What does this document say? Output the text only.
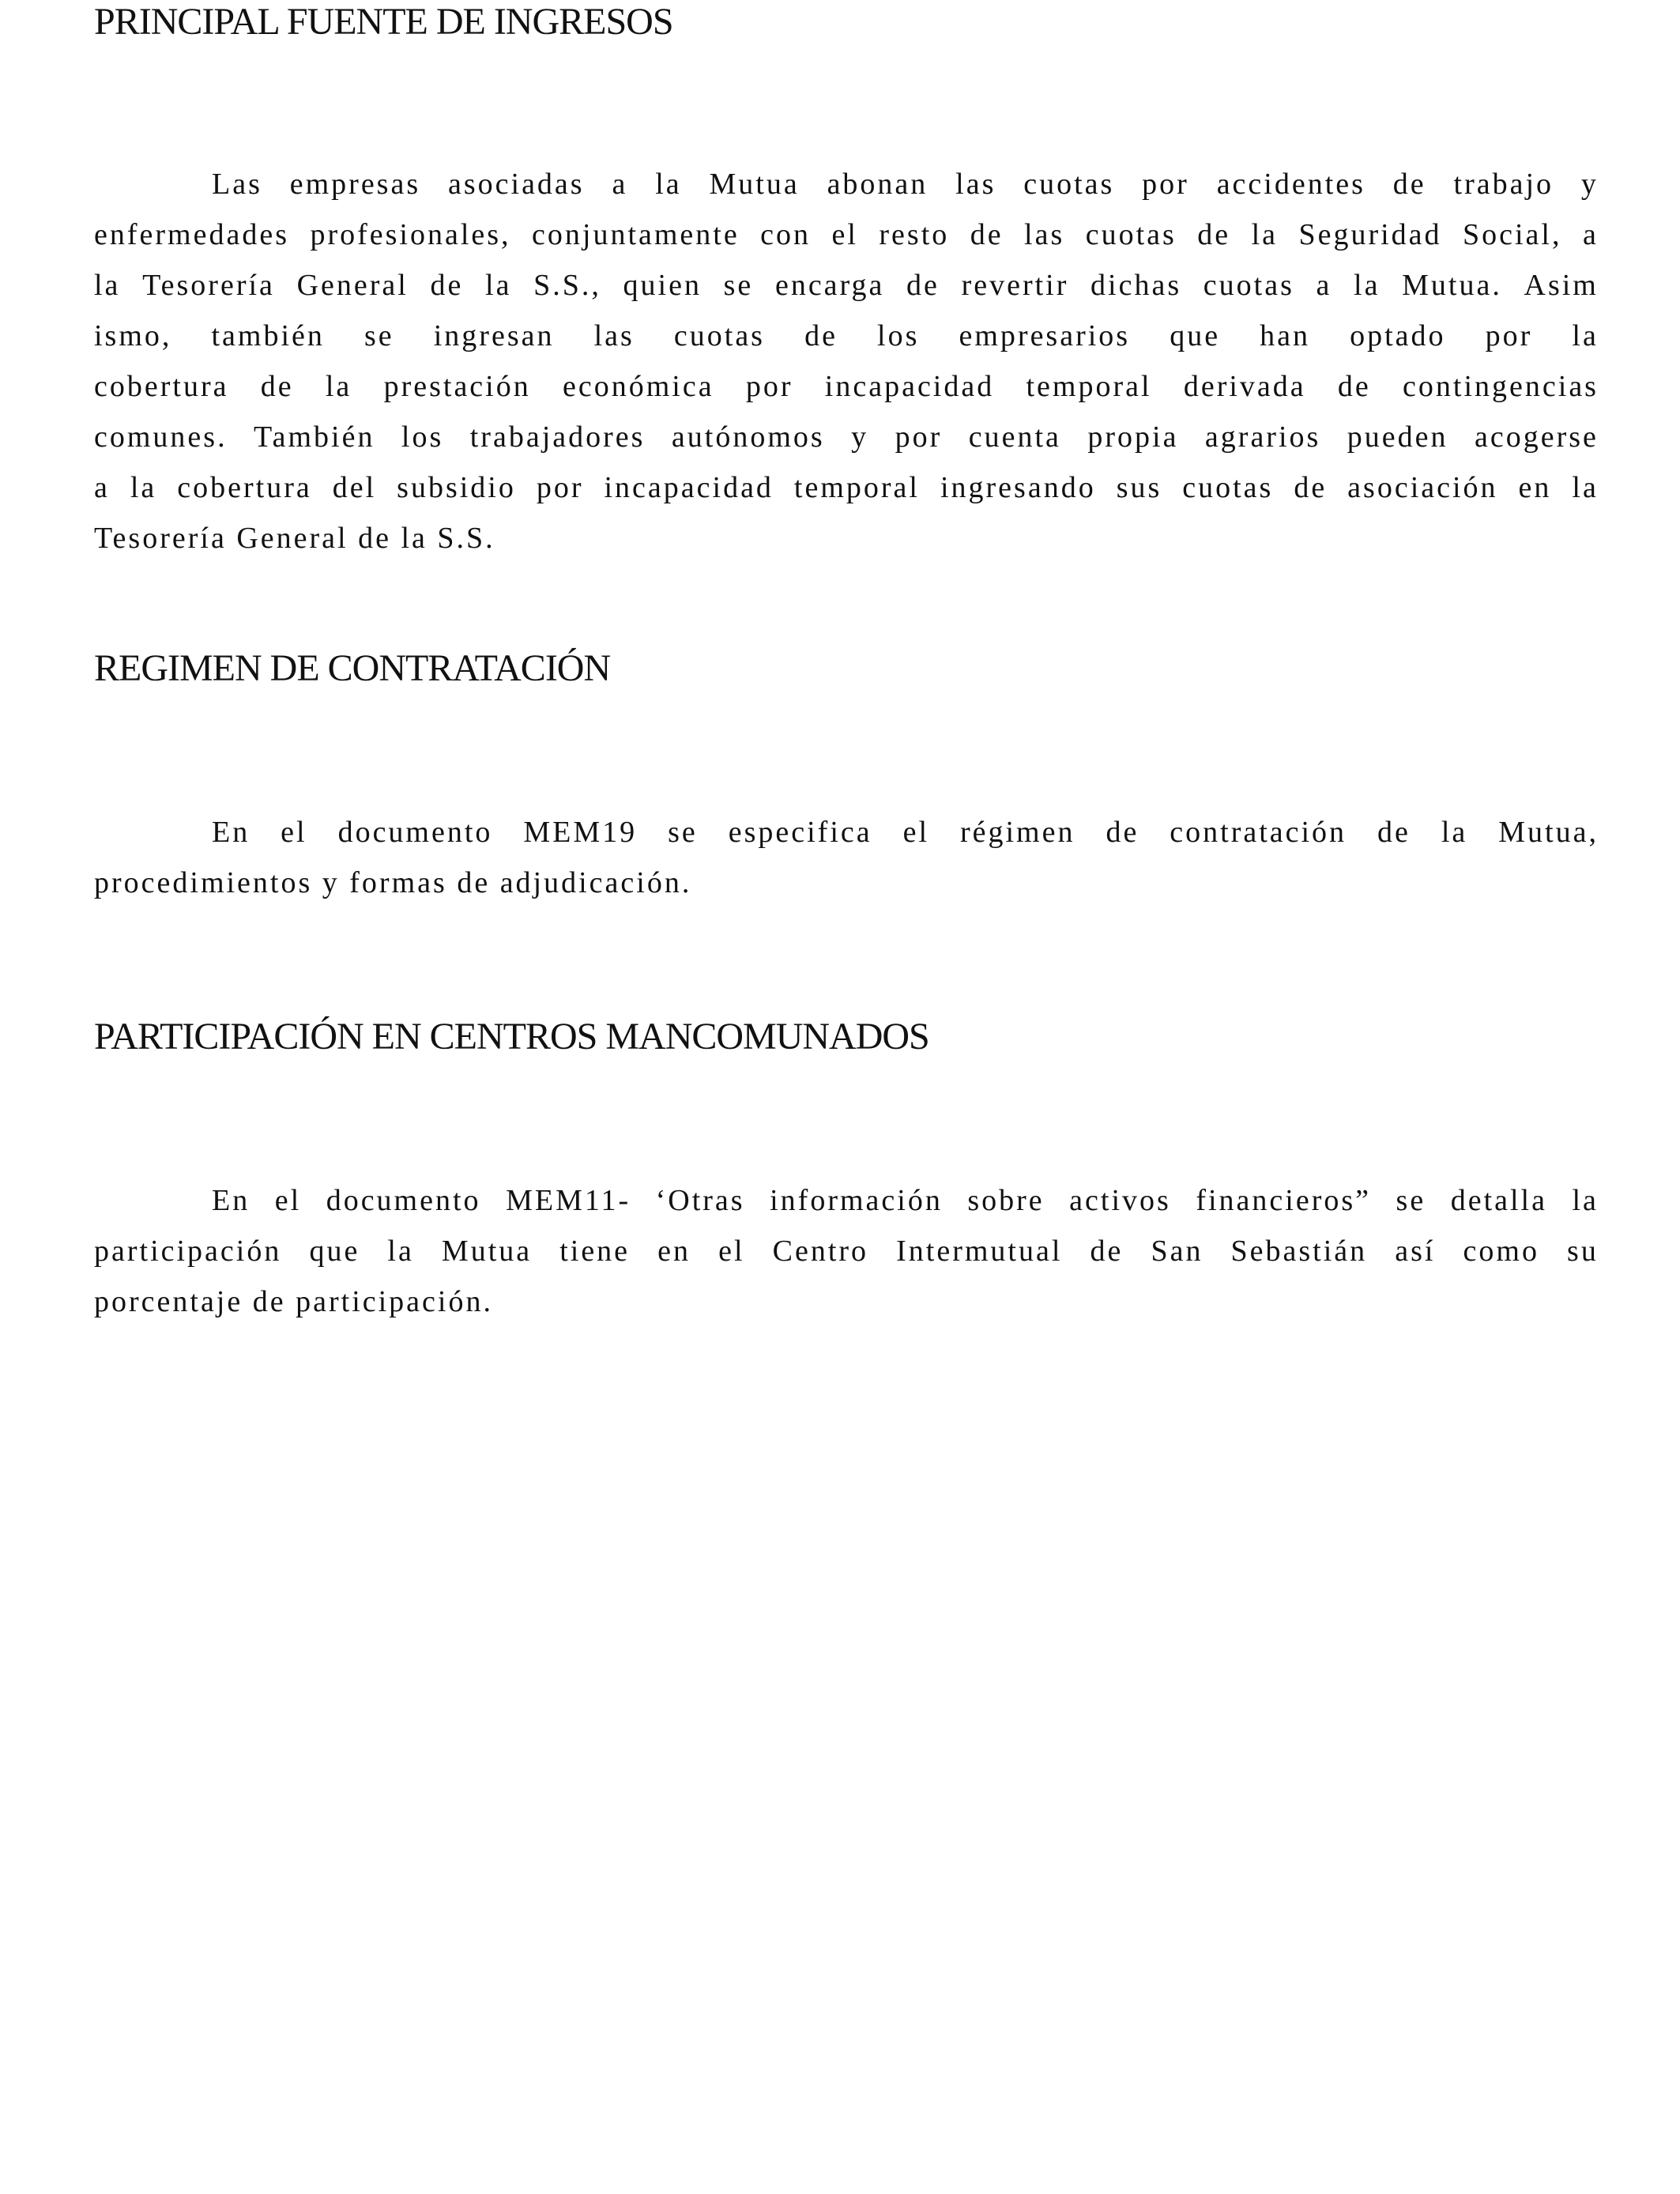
PRINCIPAL FUENTE DE INGRESOS
Las empresas asociadas a la Mutua abonan las cuotas por accidentes de trabajo y
enfermedades profesionales, conjuntamente con el resto de las cuotas de la Seguridad Social, a
la Tesorería General de la S.S., quien se encarga de revertir dichas cuotas a la Mutua. Asim
ismo, también se ingresan las cuotas de los empresarios que han optado por la
cobertura de la prestación económica por incapacidad temporal derivada de contingencias
comunes. También los trabajadores autónomos y por cuenta propia agrarios pueden acogerse
a la cobertura del subsidio por incapacidad temporal ingresando sus cuotas de asociación en la
Tesorería General de la S.S.
REGIMEN DE CONTRATACIÓN
En el documento MEM19 se especifica el régimen de contratación de la Mutua,
procedimientos y formas de adjudicación.
PARTICIPACIÓN EN CENTROS MANCOMUNADOS
En el documento MEM11- ‘Otras información sobre activos financieros” se detalla la
participación que la Mutua tiene en el Centro Intermutual de San Sebastián así como su
porcentaje de participación.
